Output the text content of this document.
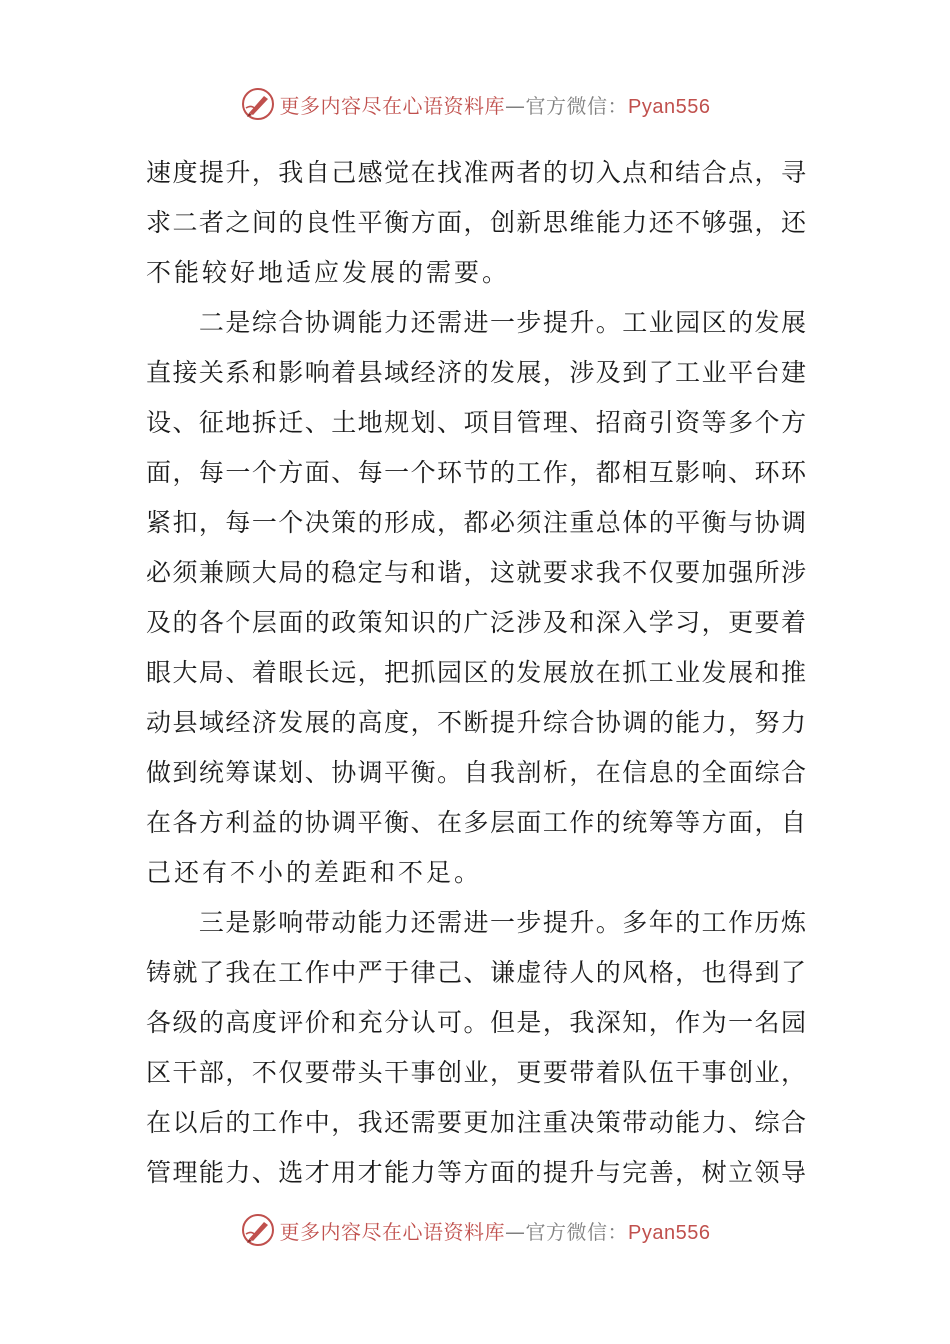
更多内容尽在心语资料库—官方微信：Pyan556
速度提升，我自己感觉在找准两者的切入点和结合点，寻
求二者之间的良性平衡方面，创新思维能力还不够强，还
不能较好地适应发展的需要。
　　二是综合协调能力还需进一步提升。工业园区的发展
直接关系和影响着县域经济的发展，涉及到了工业平台建
设、征地拆迁、土地规划、项目管理、招商引资等多个方
面，每一个方面、每一个环节的工作，都相互影响、环环
紧扣，每一个决策的形成，都必须注重总体的平衡与协调
必须兼顾大局的稳定与和谐，这就要求我不仅要加强所涉
及的各个层面的政策知识的广泛涉及和深入学习，更要着
眼大局、着眼长远，把抓园区的发展放在抓工业发展和推
动县域经济发展的高度，不断提升综合协调的能力，努力
做到统筹谋划、协调平衡。自我剖析，在信息的全面综合
在各方利益的协调平衡、在多层面工作的统筹等方面，自
己还有不小的差距和不足。
　　三是影响带动能力还需进一步提升。多年的工作历炼
铸就了我在工作中严于律己、谦虚待人的风格，也得到了
各级的高度评价和充分认可。但是，我深知，作为一名园
区干部，不仅要带头干事创业，更要带着队伍干事创业，
在以后的工作中，我还需要更加注重决策带动能力、综合
管理能力、选才用才能力等方面的提升与完善，树立领导
更多内容尽在心语资料库—官方微信：Pyan556
